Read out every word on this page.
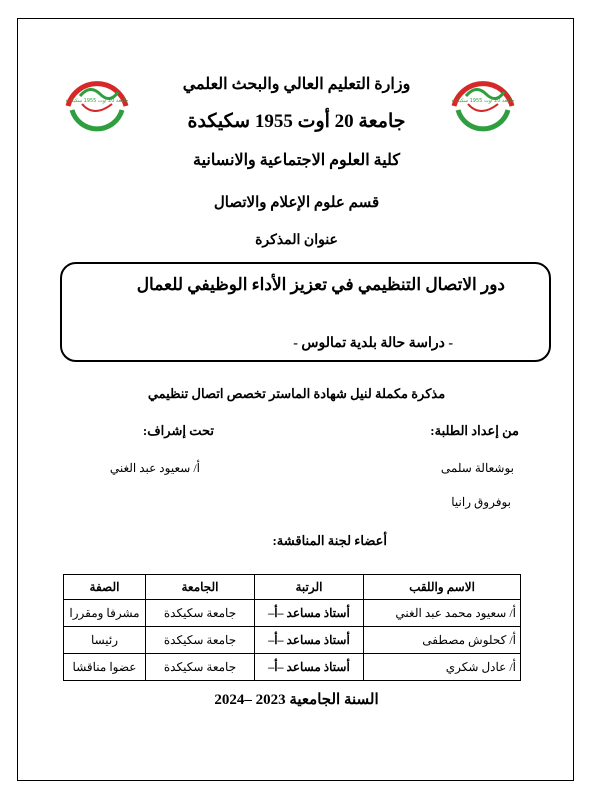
جامعة 20 أوت 1955 سكيكدة	جامعة 20 أوت 1955 سكيكدة
وزارة التعليم العالي والبحث العلمي
جامعة 20 أوت 1955 سكيكدة
كلية العلوم الاجتماعية والانسانية
قسم علوم الإعلام والاتصال
عنوان المذكرة
دور الاتصال التنظيمي في تعزيز الأداء الوظيفي للعمال
- دراسة حالة بلدية تمالوس -
مذكرة مكملة لنيل شهادة الماستر تخصص اتصال تنظيمي
من إعداد الطلبة:
تحت إشراف:
بوشعالة سلمى
أ/ سعيود عبد الغني
بوفروق رانيا
أعضاء لجنة المناقشة:
الاسم واللقب	الرتبة	الجامعة	الصفة
أ/ سعيود محمد عبد الغني	أستاذ مساعد –أ–	جامعة سكيكدة	مشرفا ومقررا
أ/ كحلوش مصطفى	أستاذ مساعد –أ–	جامعة سكيكدة	رئيسا
أ/ عادل شكري	أستاذ مساعد –أ–	جامعة سكيكدة	عضوا مناقشا
السنة الجامعية 2023 –2024
